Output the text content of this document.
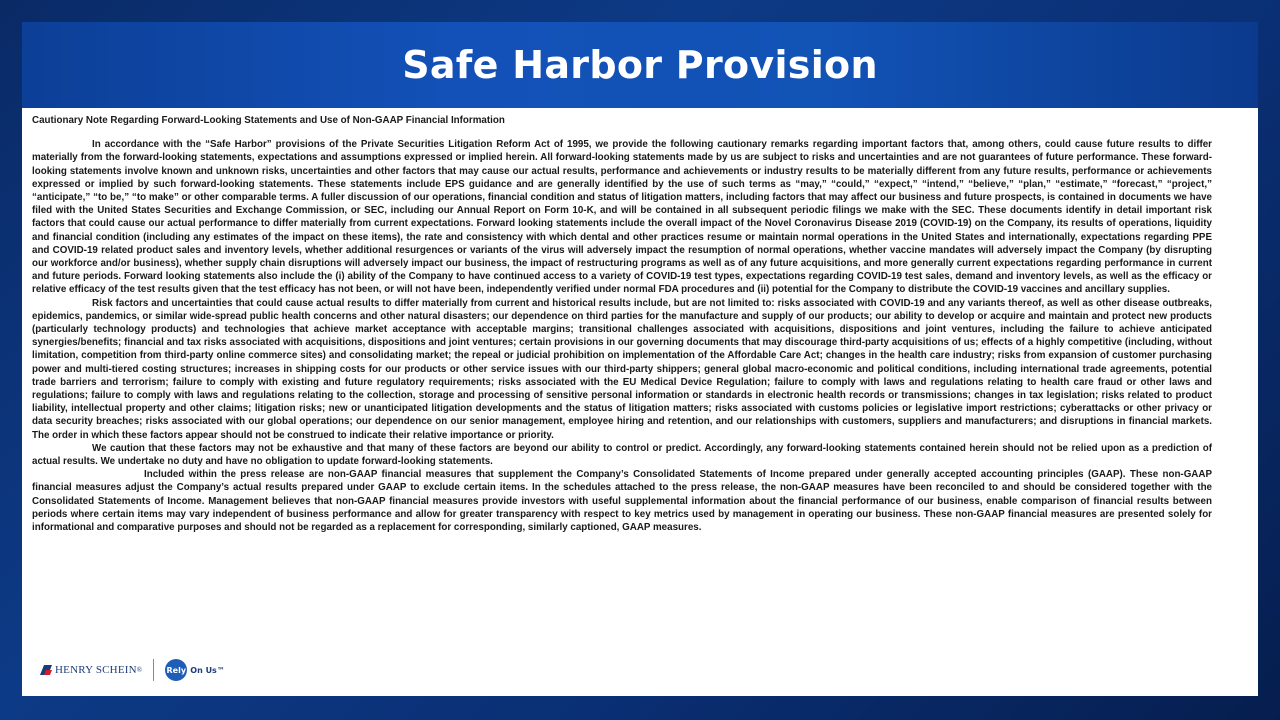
Safe Harbor Provision
Cautionary Note Regarding Forward-Looking Statements and Use of Non-GAAP Financial Information

In accordance with the “Safe Harbor” provisions of the Private Securities Litigation Reform Act of 1995, we provide the following cautionary remarks regarding important factors that, among others, could cause future results to differ materially from the forward-looking statements, expectations and assumptions expressed or implied herein. All forward-looking statements made by us are subject to risks and uncertainties and are not guarantees of future performance. These forward-looking statements involve known and unknown risks, uncertainties and other factors that may cause our actual results, performance and achievements or industry results to be materially different from any future results, performance or achievements expressed or implied by such forward-looking statements. These statements include EPS guidance and are generally identified by the use of such terms as “may,” “could,” “expect,” “intend,” “believe,” “plan,” “estimate,” “forecast,” “project,” “anticipate,” “to be,” “to make” or other comparable terms. A fuller discussion of our operations, financial condition and status of litigation matters, including factors that may affect our business and future prospects, is contained in documents we have filed with the United States Securities and Exchange Commission, or SEC, including our Annual Report on Form 10-K, and will be contained in all subsequent periodic filings we make with the SEC. These documents identify in detail important risk factors that could cause our actual performance to differ materially from current expectations. Forward looking statements include the overall impact of the Novel Coronavirus Disease 2019 (COVID-19) on the Company, its results of operations, liquidity and financial condition (including any estimates of the impact on these items), the rate and consistency with which dental and other practices resume or maintain normal operations in the United States and internationally, expectations regarding PPE and COVID-19 related product sales and inventory levels, whether additional resurgences or variants of the virus will adversely impact the resumption of normal operations, whether vaccine mandates will adversely impact the Company (by disrupting our workforce and/or business), whether supply chain disruptions will adversely impact our business, the impact of restructuring programs as well as of any future acquisitions, and more generally current expectations regarding performance in current and future periods. Forward looking statements also include the (i) ability of the Company to have continued access to a variety of COVID-19 test types, expectations regarding COVID-19 test sales, demand and inventory levels, as well as the efficacy or relative efficacy of the test results given that the test efficacy has not been, or will not have been, independently verified under normal FDA procedures and (ii) potential for the Company to distribute the COVID-19 vaccines and ancillary supplies.

Risk factors and uncertainties that could cause actual results to differ materially from current and historical results include, but are not limited to: risks associated with COVID-19 and any variants thereof, as well as other disease outbreaks, epidemics, pandemics, or similar wide-spread public health concerns and other natural disasters; our dependence on third parties for the manufacture and supply of our products; our ability to develop or acquire and maintain and protect new products (particularly technology products) and technologies that achieve market acceptance with acceptable margins; transitional challenges associated with acquisitions, dispositions and joint ventures, including the failure to achieve anticipated synergies/benefits; financial and tax risks associated with acquisitions, dispositions and joint ventures; certain provisions in our governing documents that may discourage third-party acquisitions of us; effects of a highly competitive (including, without limitation, competition from third-party online commerce sites) and consolidating market; the repeal or judicial prohibition on implementation of the Affordable Care Act; changes in the health care industry; risks from expansion of customer purchasing power and multi-tiered costing structures; increases in shipping costs for our products or other service issues with our third-party shippers; general global macro-economic and political conditions, including international trade agreements, potential trade barriers and terrorism; failure to comply with existing and future regulatory requirements; risks associated with the EU Medical Device Regulation; failure to comply with laws and regulations relating to health care fraud or other laws and regulations; failure to comply with laws and regulations relating to the collection, storage and processing of sensitive personal information or standards in electronic health records or transmissions; changes in tax legislation; risks related to product liability, intellectual property and other claims; litigation risks; new or unanticipated litigation developments and the status of litigation matters; risks associated with customs policies or legislative import restrictions; cyberattacks or other privacy or data security breaches; risks associated with our global operations; our dependence on our senior management, employee hiring and retention, and our relationships with customers, suppliers and manufacturers; and disruptions in financial markets. The order in which these factors appear should not be construed to indicate their relative importance or priority.

We caution that these factors may not be exhaustive and that many of these factors are beyond our ability to control or predict. Accordingly, any forward-looking statements contained herein should not be relied upon as a prediction of actual results. We undertake no duty and have no obligation to update forward-looking statements.

Included within the press release are non-GAAP financial measures that supplement the Company’s Consolidated Statements of Income prepared under generally accepted accounting principles (GAAP). These non-GAAP financial measures adjust the Company’s actual results prepared under GAAP to exclude certain items. In the schedules attached to the press release, the non-GAAP measures have been reconciled to and should be considered together with the Consolidated Statements of Income. Management believes that non-GAAP financial measures provide investors with useful supplemental information about the financial performance of our business, enable comparison of financial results between periods where certain items may vary independent of business performance and allow for greater transparency with respect to key metrics used by management in operating our business. These non-GAAP financial measures are presented solely for informational and comparative purposes and should not be regarded as a replacement for corresponding, similarly captioned, GAAP measures.

HENRY SCHEIN ®	Rely On Us™
2
